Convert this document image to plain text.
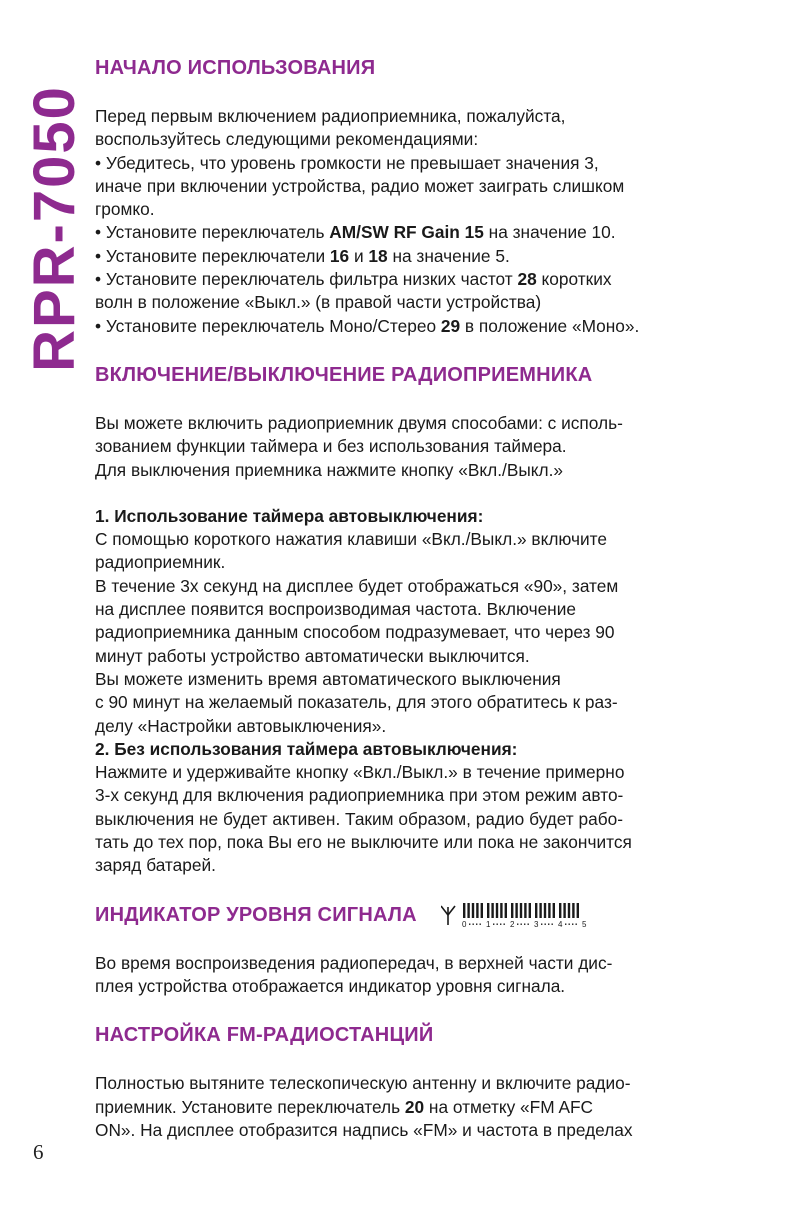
RPR-7050
НАЧАЛО ИСПОЛЬЗОВАНИЯ

Перед первым включением радиоприемника, пожалуйста,
воспользуйтесь следующими рекомендациями:

• Убедитесь, что уровень громкости не превышает значения 3,
иначе при включении устройства, радио может заиграть слишком
громко.

• Установите переключатель AM/SW RF Gain 15 на значение 10.

• Установите переключатели 16 и 18 на значение 5.

• Установите переключатель фильтра низких частот 28 коротких
волн в положение «Выкл.» (в правой части устройства)

• Установите переключатель Моно/Стерео 29 в положение «Моно».

ВКЛЮЧЕНИЕ/ВЫКЛЮЧЕНИЕ РАДИОПРИЕМНИКА

Вы можете включить радиоприемник двумя способами: с исполь-
зованием функции таймера и без использования таймера.
Для выключения приемника нажмите кнопку «Вкл./Выкл.»

1. Использование таймера автовыключения:

С помощью короткого нажатия клавиши «Вкл./Выкл.» включите
радиоприемник.
В течение 3х секунд на дисплее будет отображаться «90», затем
на дисплее появится воспроизводимая частота. Включение
радиоприемника данным способом подразумевает, что через 90
минут работы устройство автоматически выключится.
Вы можете изменить время автоматического выключения
с 90 минут на желаемый показатель, для этого обратитесь к раз-
делу «Настройки автовыключения».

2. Без использования таймера автовыключения:

Нажмите и удерживайте кнопку «Вкл./Выкл.» в течение примерно
3-х секунд для включения радиоприемника при этом режим авто-
выключения не будет активен. Таким образом, радио будет рабо-
тать до тех пор, пока Вы его не выключите или пока не закончится
заряд батарей.

ИНДИКАТОР УРОВНЯ СИГНАЛА	0 1 2 3 4 5

Во время воспроизведения радиопередач, в верхней части дис-
плея устройства отображается индикатор уровня сигнала.

НАСТРОЙКА FM-РАДИОСТАНЦИЙ

Полностью вытяните телескопическую антенну и включите радио-
приемник. Установите переключатель 20 на отметку «FM AFC
ON». На дисплее отобразится надпись «FM» и частота в пределах

6
